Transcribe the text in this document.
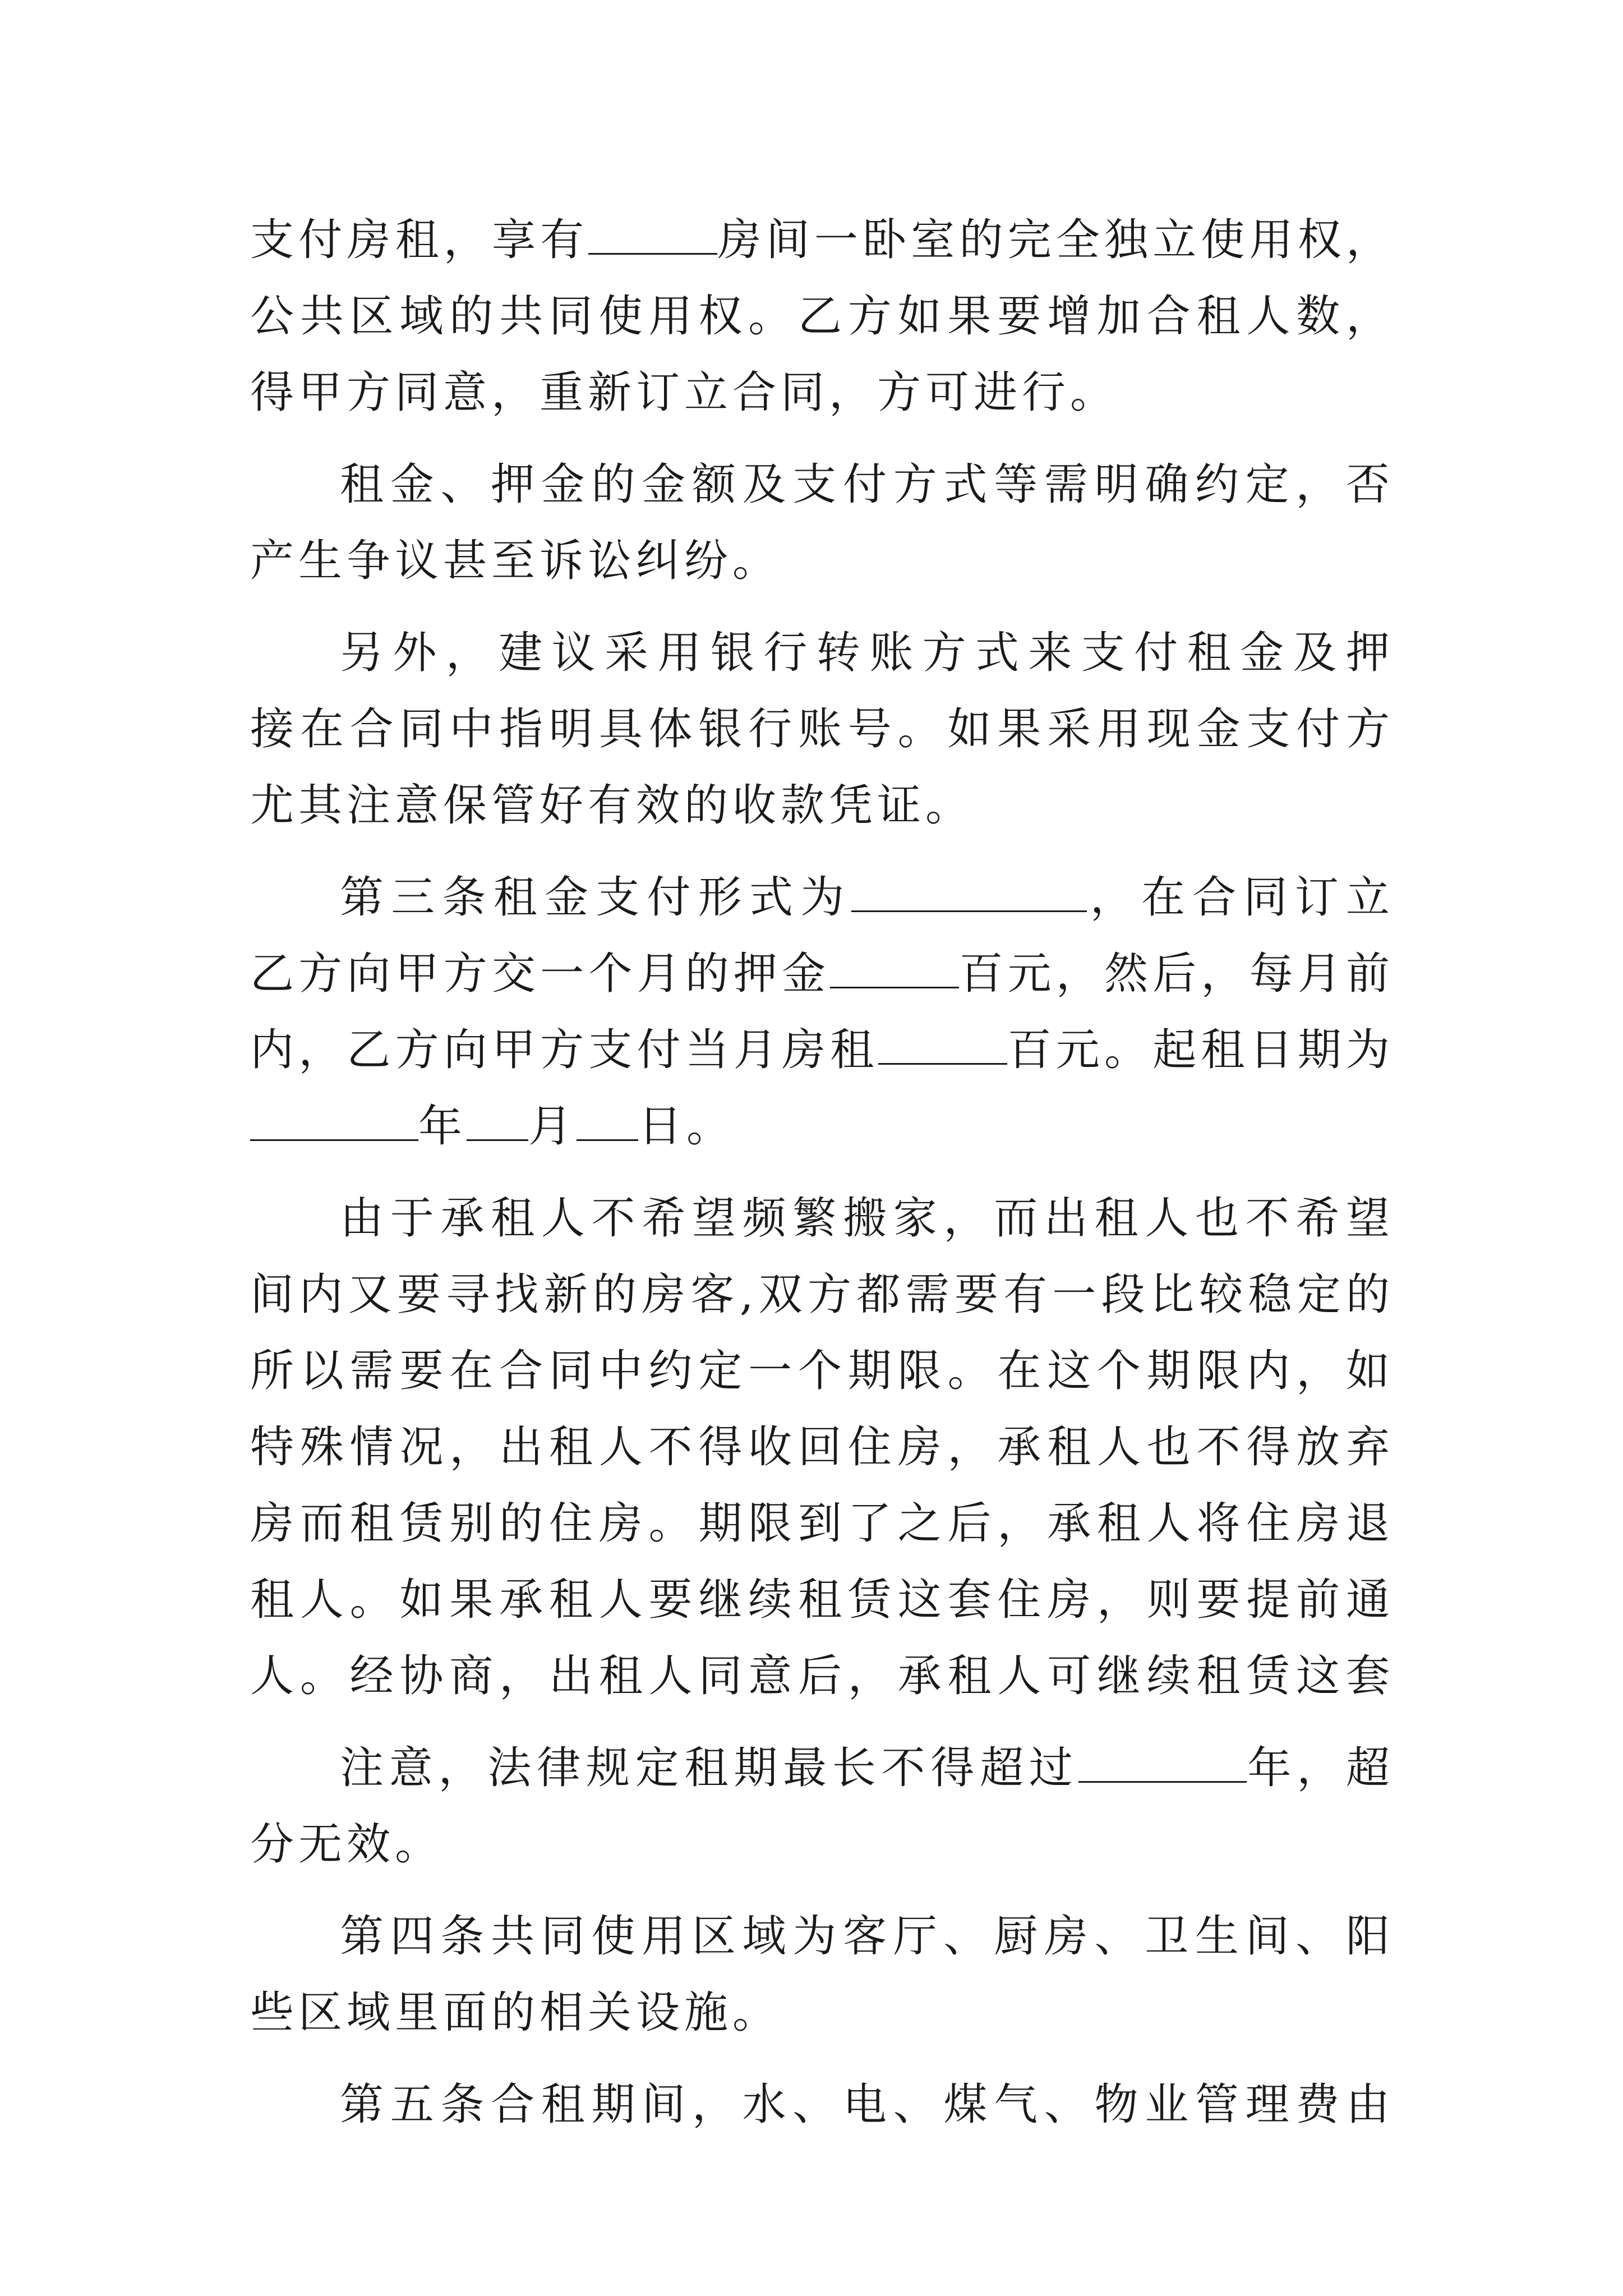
支付房租，享有	房间一卧室的完全独立使用权，
公共区域的共同使用权。乙方如果要增加合租人数，
得甲方同意，重新订立合同，方可进行。
租金、押金的金额及支付方式等需明确约定，否
产生争议甚至诉讼纠纷。
另外，建议采用银行转账方式来支付租金及押
接在合同中指明具体银行账号。如果采用现金支付方
尤其注意保管好有效的收款凭证。
第三条租金支付形式为	，在合同订立
乙方向甲方交一个月的押金	百元，然后，每月前
内，乙方向甲方支付当月房租	百元。起租日期为
年 月 日。
由于承租人不希望频繁搬家，而出租人也不希望
间内又要寻找新的房客,双方都需要有一段比较稳定的
所以需要在合同中约定一个期限。在这个期限内，如
特殊情况，出租人不得收回住房，承租人也不得放弃
房而租赁别的住房。期限到了之后，承租人将住房退
租人。如果承租人要继续租赁这套住房，则要提前通
人。经协商，出租人同意后，承租人可继续租赁这套
注意，法律规定租期最长不得超过	年，超
分无效。
第四条共同使用区域为客厅、厨房、卫生间、阳
些区域里面的相关设施。
第五条合租期间，水、电、煤气、物业管理费由
